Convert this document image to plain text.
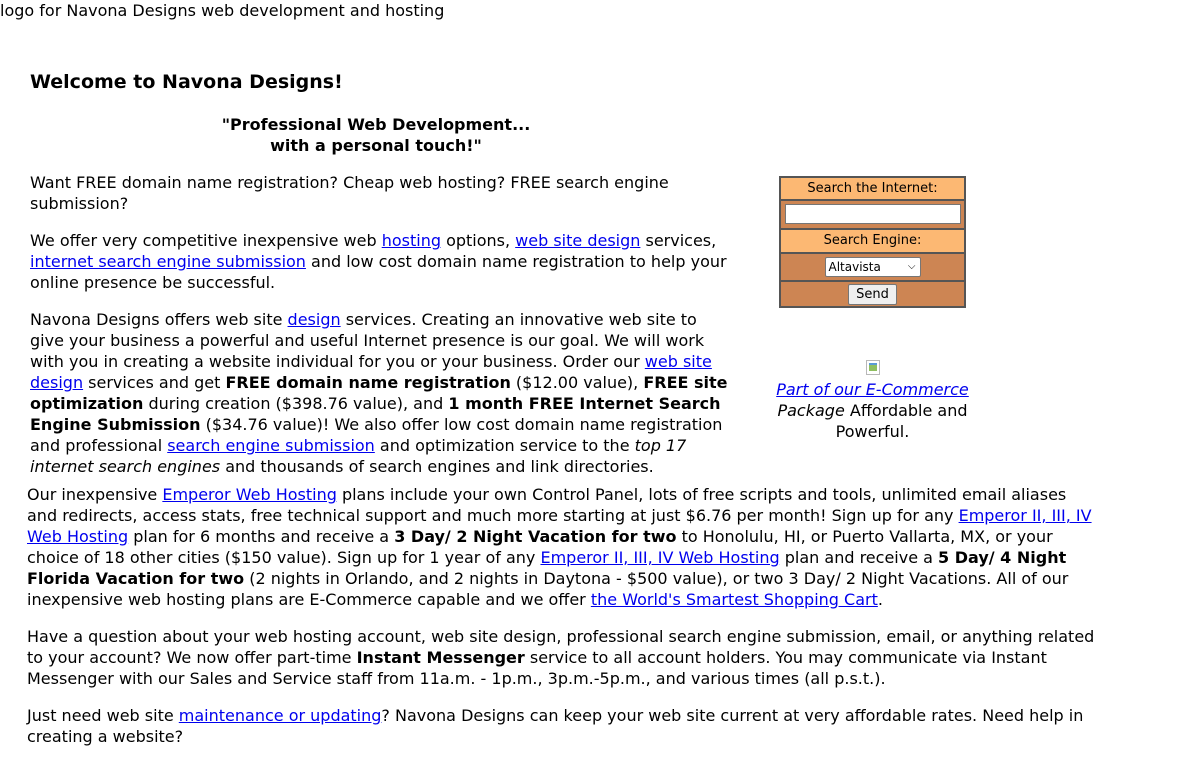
logo for Navona Designs web development and hosting
Welcome to Navona Designs!
"Professional Web Development...
with a personal touch!"

Want FREE domain name registration? Cheap web hosting? FREE search engine submission?

We offer very competitive inexpensive web hosting options, web site design services, internet search engine submission and low cost domain name registration to help your online presence be successful.

Navona Designs offers web site design services. Creating an innovative web site to give your business a powerful and useful Internet presence is our goal. We will work with you in creating a website individual for you or your business. Order our web site design services and get FREE domain name registration ($12.00 value), FREE site optimization during creation ($398.76 value), and 1 month FREE Internet Search Engine Submission ($34.76 value)! We also offer low cost domain name registration and professional search engine submission and optimization service to the top 17 internet search engines and thousands of search engines and link directories.

Our inexpensive Emperor Web Hosting plans include your own Control Panel, lots of free scripts and tools, unlimited email aliases and redirects, access stats, free technical support and much more starting at just $6.76 per month! Sign up for any Emperor II, III, IV Web Hosting plan for 6 months and receive a 3 Day/ 2 Night Vacation for two to Honolulu, HI, or Puerto Vallarta, MX, or your choice of 18 other cities ($150 value). Sign up for 1 year of any Emperor II, III, IV Web Hosting plan and receive a 5 Day/ 4 Night Florida Vacation for two (2 nights in Orlando, and 2 nights in Daytona - $500 value), or two 3 Day/ 2 Night Vacations. All of our inexpensive web hosting plans are E-Commerce capable and we offer the World's Smartest Shopping Cart.

Have a question about your web hosting account, web site design, professional search engine submission, email, or anything related to your account? We now offer part-time Instant Messenger service to all account holders. You may communicate via Instant Messenger with our Sales and Service staff from 11a.m. - 1p.m., 3p.m.-5p.m., and various times (all p.s.t.).

Just need web site maintenance or updating? Navona Designs can keep your web site current at very affordable rates. Need help in creating a website?

Search the Internet:
Search Engine:
Altavista	⌵
Send
Part of our E-Commerce
Package Affordable and Powerful.
